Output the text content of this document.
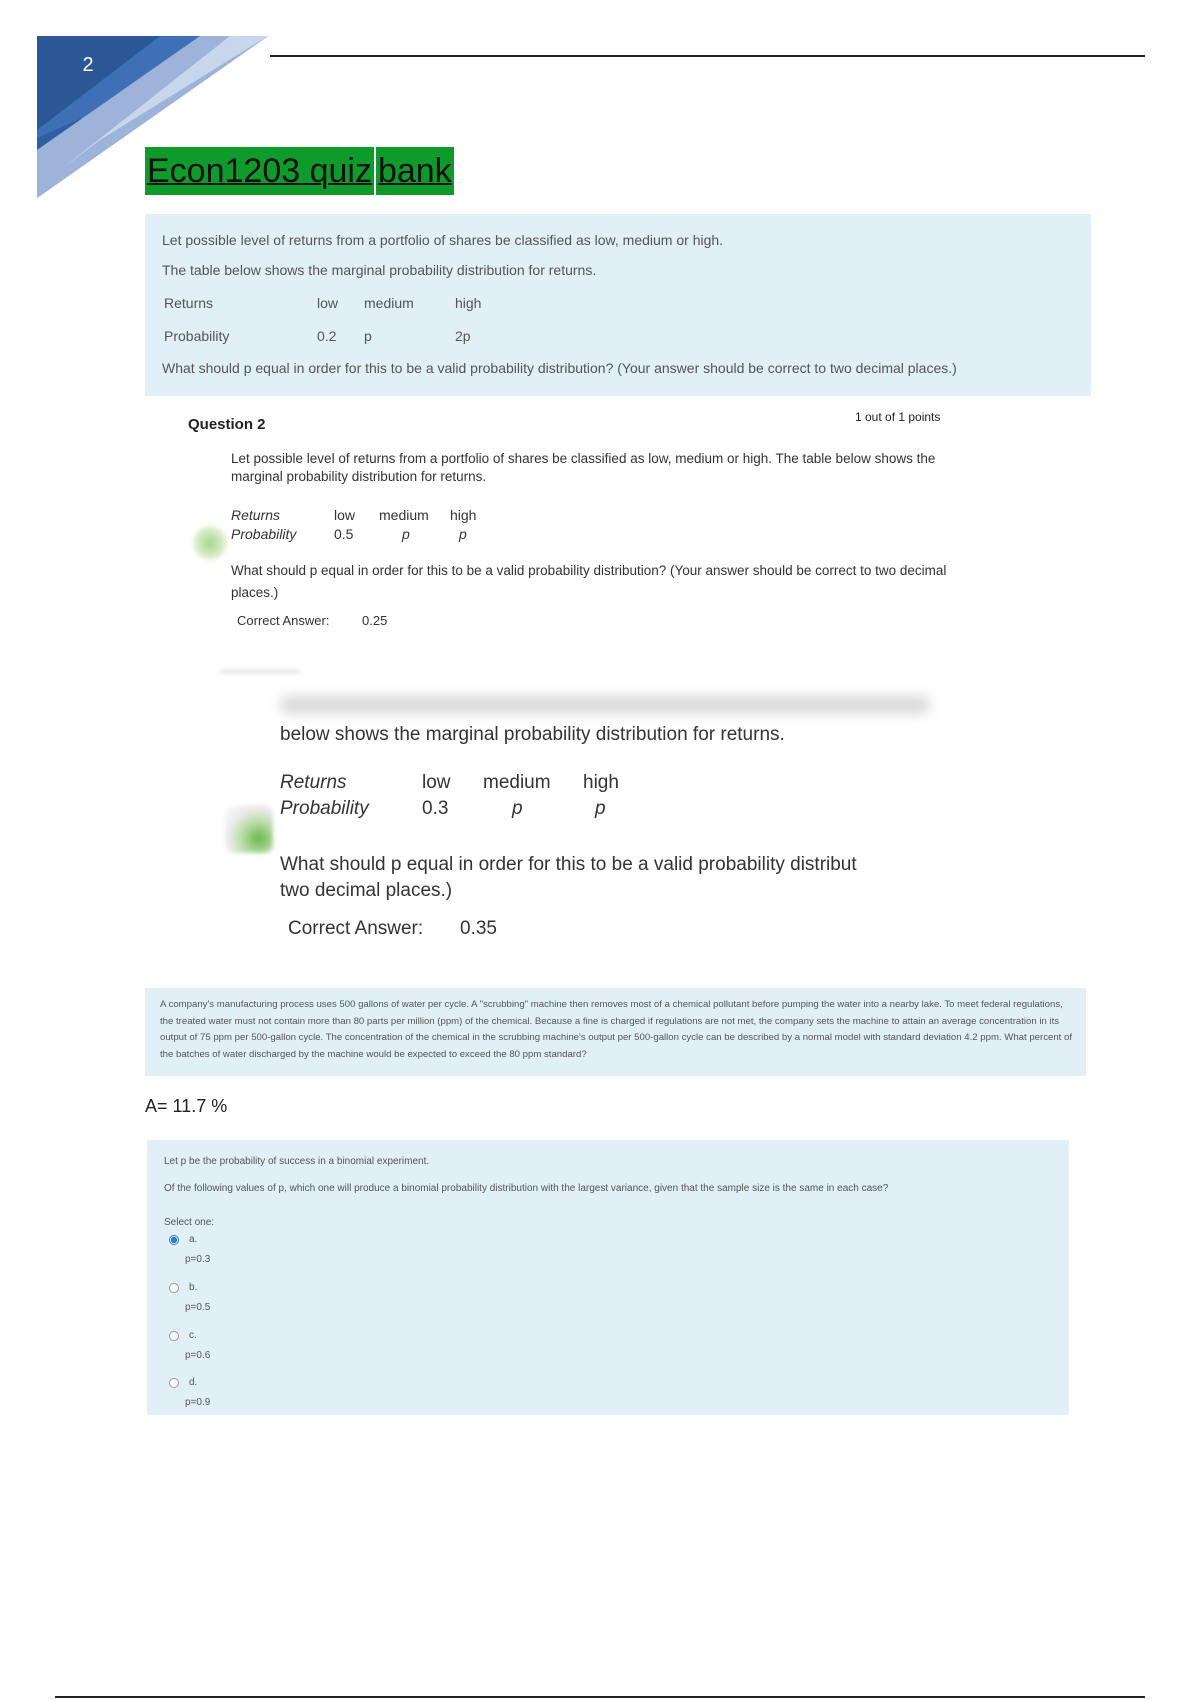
2
Econ1203 quiz bank
Let possible level of returns from a portfolio of shares be classified as low, medium or high.
The table below shows the marginal probability distribution for returns.
Returns	low medium	high
Probability	0.2 p	2p
What should p equal in order for this to be a valid probability distribution? (Your answer should be correct to two decimal places.)
Question 2	1 out of 1 points
Let possible level of returns from a portfolio of shares be classified as low, medium or high. The table below shows the marginal probability distribution for returns.
Returns	low medium high
Probability	0.5	p	p
What should p equal in order for this to be a valid probability distribution? (Your answer should be correct to two decimal places.)
Correct Answer:	0.25
below shows the marginal probability distribution for returns.
Returns	low medium high
Probability	0.3	p	p
What should p equal in order for this to be a valid probability distribut
two decimal places.)
Correct Answer: 0.35
A company's manufacturing process uses 500 gallons of water per cycle. A "scrubbing" machine then removes most of a chemical pollutant before pumping the water into a nearby lake. To meet federal regulations, the treated water must not contain more than 80 parts per million (ppm) of the chemical. Because a fine is charged if regulations are not met, the company sets the machine to attain an average concentration in its output of 75 ppm per 500-gallon cycle. The concentration of the chemical in the scrubbing machine's output per 500-gallon cycle can be described by a normal model with standard deviation 4.2 ppm. What percent of the batches of water discharged by the machine would be expected to exceed the 80 ppm standard?
A= 11.7 %
Let p be the probability of success in a binomial experiment.
Of the following values of p, which one will produce a binomial probability distribution with the largest variance, given that the sample size is the same in each case?
Select one:
a.
p=0.3
b.
p=0.5
c.
p=0.6
d.
p=0.9
